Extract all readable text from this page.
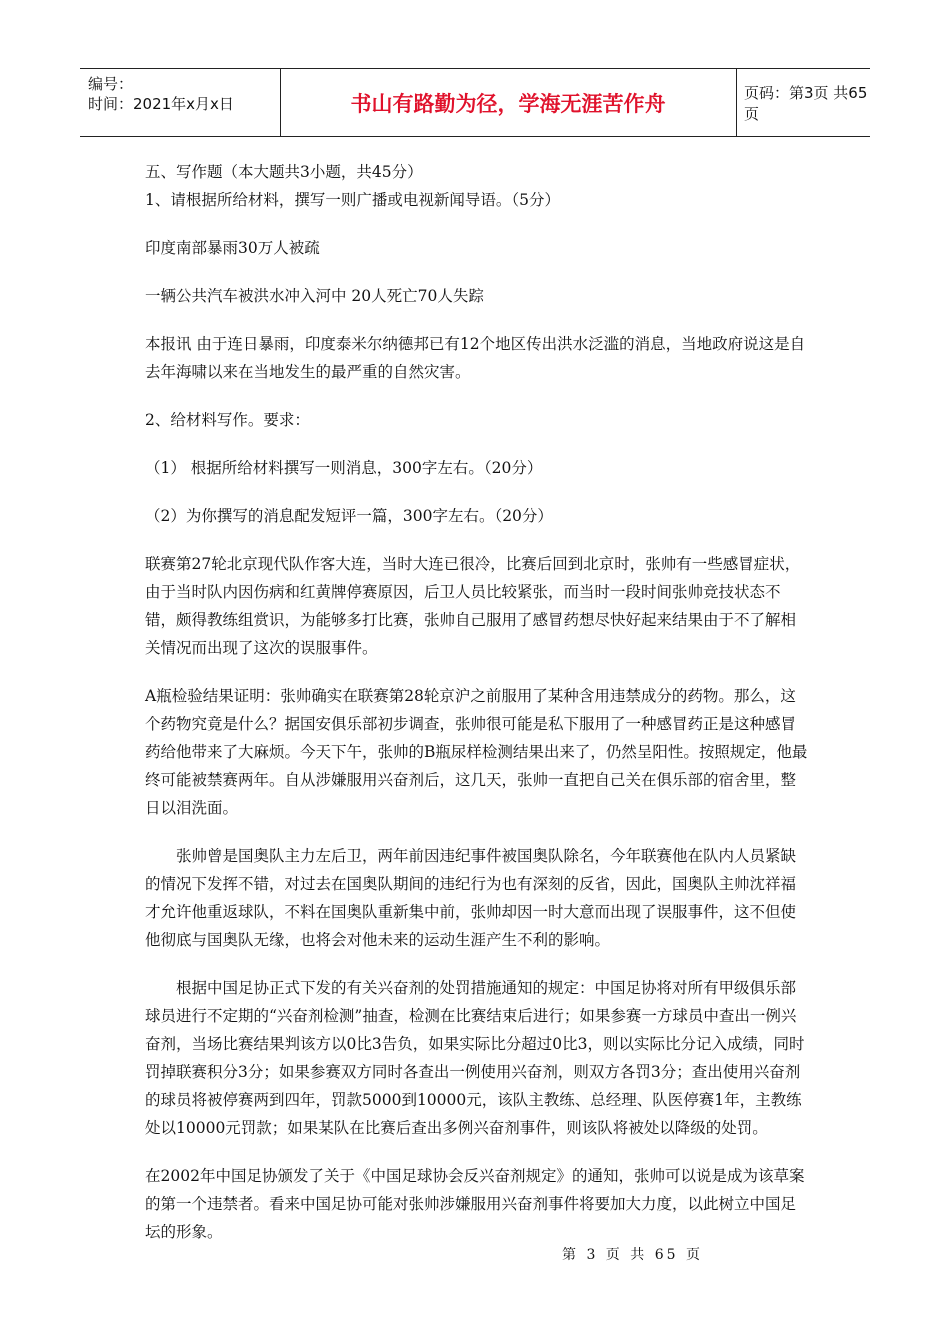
编号：
时间：2021年x月x日	书山有路勤为径，学海无涯苦作舟	页码：第3页 共65页

五、写作题（本大题共3小题，共45分）

1、请根据所给材料，撰写一则广播或电视新闻导语。（5分）

印度南部暴雨30万人被疏

一辆公共汽车被洪水冲入河中 20人死亡70人失踪

本报讯 由于连日暴雨，印度泰米尔纳德邦已有12个地区传出洪水泛滥的消息，当地政府说这是自去年海啸以来在当地发生的最严重的自然灾害。

2、给材料写作。要求：

（1） 根据所给材料撰写一则消息，300字左右。（20分）

（2）为你撰写的消息配发短评一篇，300字左右。（20分）

联赛第27轮北京现代队作客大连，当时大连已很冷，比赛后回到北京时，张帅有一些感冒症状，由于当时队内因伤病和红黄牌停赛原因，后卫人员比较紧张，而当时一段时间张帅竞技状态不错，颇得教练组赏识，为能够多打比赛，张帅自己服用了感冒药想尽快好起来结果由于不了解相关情况而出现了这次的误服事件。

A瓶检验结果证明：张帅确实在联赛第28轮京沪之前服用了某种含用违禁成分的药物。那么，这个药物究竟是什么？据国安俱乐部初步调查，张帅很可能是私下服用了一种感冒药正是这种感冒药给他带来了大麻烦。今天下午，张帅的B瓶尿样检测结果出来了，仍然呈阳性。按照规定，他最终可能被禁赛两年。自从涉嫌服用兴奋剂后，这几天，张帅一直把自己关在俱乐部的宿舍里，整日以泪洗面。

张帅曾是国奥队主力左后卫，两年前因违纪事件被国奥队除名，今年联赛他在队内人员紧缺的情况下发挥不错，对过去在国奥队期间的违纪行为也有深刻的反省，因此，国奥队主帅沈祥福才允许他重返球队，不料在国奥队重新集中前，张帅却因一时大意而出现了误服事件，这不但使他彻底与国奥队无缘，也将会对他未来的运动生涯产生不利的影响。

根据中国足协正式下发的有关兴奋剂的处罚措施通知的规定：中国足协将对所有甲级俱乐部球员进行不定期的“兴奋剂检测”抽查，检测在比赛结束后进行；如果参赛一方球员中查出一例兴奋剂，当场比赛结果判该方以0比3告负，如果实际比分超过0比3，则以实际比分记入成绩，同时罚掉联赛积分3分；如果参赛双方同时各查出一例使用兴奋剂，则双方各罚3分；查出使用兴奋剂的球员将被停赛两到四年，罚款5000到10000元，该队主教练、总经理、队医停赛1年，主教练处以10000元罚款；如果某队在比赛后查出多例兴奋剂事件，则该队将被处以降级的处罚。

在2002年中国足协颁发了关于《中国足球协会反兴奋剂规定》的通知，张帅可以说是成为该草案的第一个违禁者。看来中国足协可能对张帅涉嫌服用兴奋剂事件将要加大力度，以此树立中国足坛的形象。

第 3 页 共 65 页
